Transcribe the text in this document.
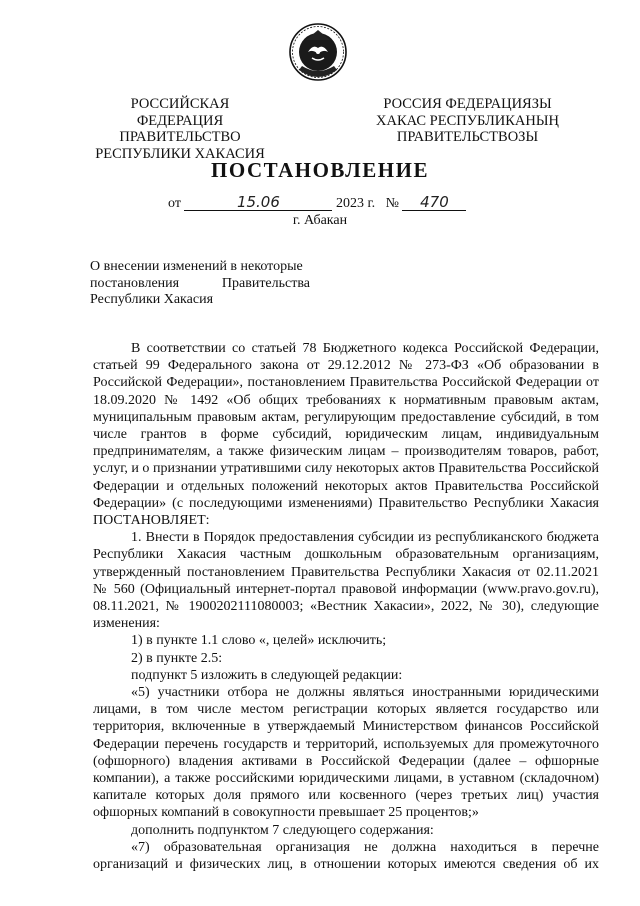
РОССИЙСКАЯ ФЕДЕРАЦИЯ
ПРАВИТЕЛЬСТВО
РЕСПУБЛИКИ ХАКАСИЯ
РОССИЯ ФЕДЕРАЦИЯЗЫ
ХАКАС РЕСПУБЛИКАНЫҢ
ПРАВИТЕЛЬСТВОЗЫ
ПОСТАНОВЛЕНИЕ
от	15.06	2023 г. № 470
г. Абакан
О внесении изменений в некоторые
постановления	Правительства
Республики Хакасия

В соответствии со статьей 78 Бюджетного кодекса Российской Федерации, статьей 99 Федерального закона от 29.12.2012 № 273-ФЗ «Об образовании в Российской Федерации», постановлением Правительства Российской Федерации от 18.09.2020 № 1492 «Об общих требованиях к нормативным правовым актам, муниципальным правовым актам, регулирующим предоставление субсидий, в том числе грантов в форме субсидий, юридическим лицам, индивидуальным предпринимателям, а также физическим лицам – производителям товаров, работ, услуг, и о признании утратившими силу некоторых актов Правительства Российской Федерации и отдельных положений некоторых актов Правительства Российской Федерации» (с последующими изменениями) Правительство Республики Хакасия ПОСТАНОВЛЯЕТ:

1. Внести в Порядок предоставления субсидии из республиканского бюджета Республики Хакасия частным дошкольным образовательным организациям, утвержденный постановлением Правительства Республики Хакасия от 02.11.2021 № 560 (Официальный интернет-портал правовой информации (www.pravo.gov.ru), 08.11.2021, № 1900202111080003; «Вестник Хакасии», 2022, № 30), следующие изменения:

1) в пункте 1.1 слово «, целей» исключить;

2) в пункте 2.5:

подпункт 5 изложить в следующей редакции:

«5) участники отбора не должны являться иностранными юридическими лицами, в том числе местом регистрации которых является государство или территория, включенные в утверждаемый Министерством финансов Российской Федерации перечень государств и территорий, используемых для промежуточного (офшорного) владения активами в Российской Федерации (далее – офшорные компании), а также российскими юридическими лицами, в уставном (складочном) капитале которых доля прямого или косвенного (через третьих лиц) участия офшорных компаний в совокупности превышает 25 процентов;»

дополнить подпунктом 7 следующего содержания:

«7) образовательная организация не должна находиться в перечне организаций и физических лиц, в отношении которых имеются сведения об их
